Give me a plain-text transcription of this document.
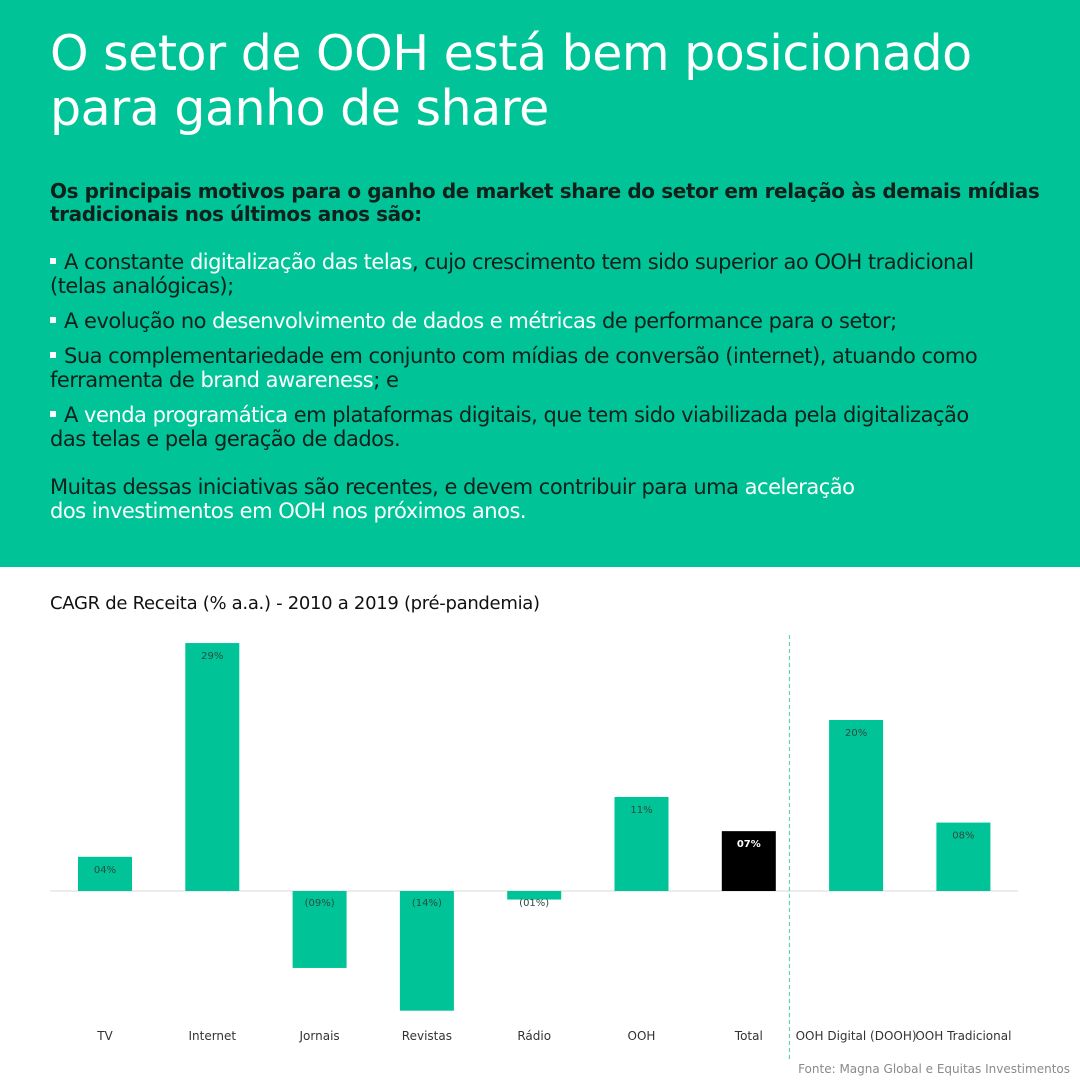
O setor de OOH está bem posicionado
para ganho de share

Os principais motivos para o ganho de market share do setor em relação às demais mídias
tradicionais nos últimos anos são:

A constante digitalização das telas, cujo crescimento tem sido superior ao OOH tradicional
(telas analógicas);

A evolução no desenvolvimento de dados e métricas de performance para o setor;

Sua complementariedade em conjunto com mídias de conversão (internet), atuando como
ferramenta de brand awareness; e

A venda programática em plataformas digitais, que tem sido viabilizada pela digitalização
das telas e pela geração de dados.

Muitas dessas iniciativas são recentes, e devem contribuir para uma aceleração
dos investimentos em OOH nos próximos anos.

CAGR de Receita (% a.a.) - 2010 a 2019 (pré-pandemia)

04%
TV
29%
Internet
(09%)
Jornais
(14%)
Revistas
(01%)
Rádio
11%
OOH
07%
Total
20%
OOH Digital (DOOH)
08%
OOH Tradicional

Fonte: Magna Global e Equitas Investimentos
